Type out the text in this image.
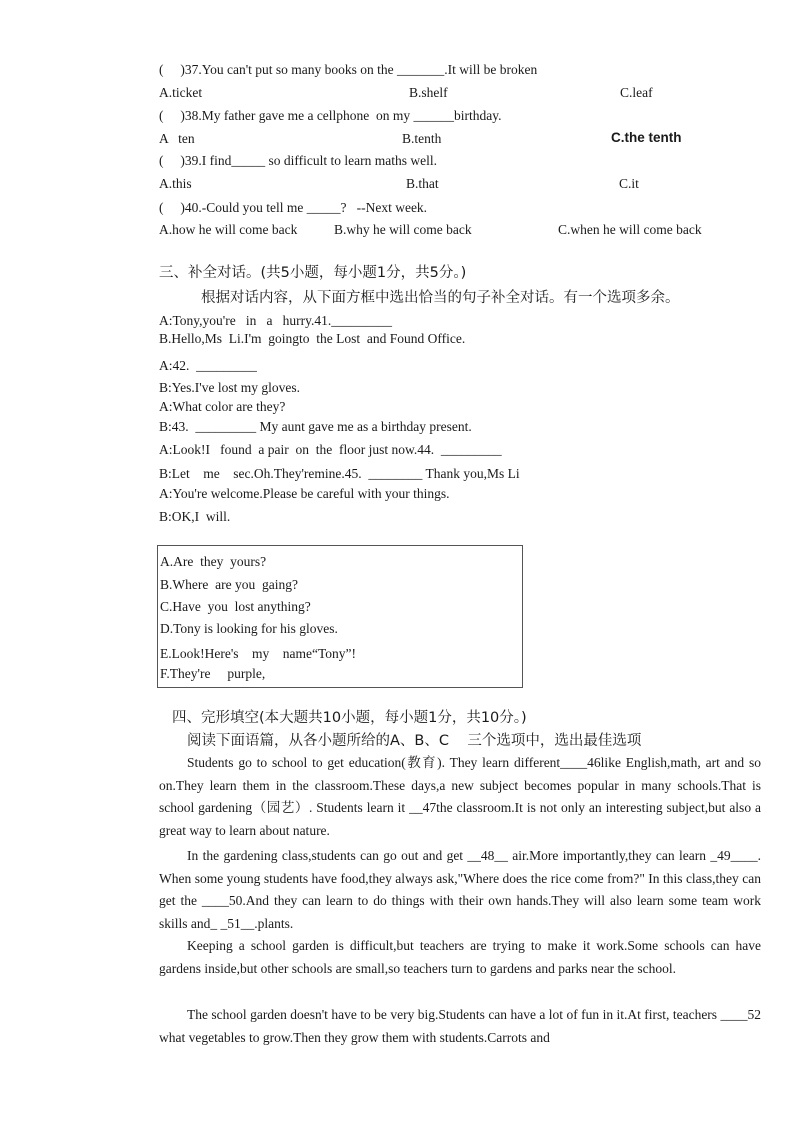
(     )37.You can't put so many books on the _______.It will be broken
A.ticket	B.shelf	C.leaf
(     )38.My father gave me a cellphone  on my ______birthday.
A   ten	B.tenth	C.the tenth
(     )39.I find_____ so difficult to learn maths well.
A.this	B.that	C.it
(     )40.-Could you tell me _____?   --Next week.
A.how he will come back	B.why he will come back	C.when he will come back
三、补全对话。(共5小题，每小题1分，共5分。)
根据对话内容，从下面方框中选出恰当的句子补全对话。有一个选项多余。
A:Tony,you're   in   a   hurry.41._________
B.Hello,Ms  Li.I'm  goingto  the Lost  and Found Office.
A:42.  _________
B:Yes.I've lost my gloves.
A:What color are they?
B:43.  _________ My aunt gave me as a birthday present.
A:Look!I   found  a pair  on  the  floor just now.44.  _________
B:Let    me    sec.Oh.They'remine.45.  ________ Thank you,Ms Li
A:You're welcome.Please be careful with your things.
B:OK,I  will.
A.Are  they  yours?
B.Where  are you  gaing?
C.Have  you  lost anything?
D.Tony is looking for his gloves.
E.Look!Here's    my    name“Tony”!
F.They're     purple,
四、完形填空(本大题共10小题，每小题1分，共10分。)
阅读下面语篇，从各小题所给的A、B、C    三个选项中，选出最佳选项
Students go to school to get education(教育). They learn different____46like English,math, art and so on.They learn them in the classroom.These days,a new subject becomes popular in many schools.That is school gardening（园艺）. Students learn it __47the classroom.It is not only an interesting subject,but also a great way to learn about nature.
In the gardening class,students can go out and get __48__ air.More importantly,they can learn _49____. When some young students have food,they always ask,"Where does the rice come from?" In this class,they can get the ____50.And they can learn to do things with their own hands.They will also learn some team work skills and_ _51__.plants.
Keeping a school garden is difficult,but teachers are trying to make it work.Some schools can have gardens inside,but other schools are small,so teachers turn to gardens and parks near the school.
The school garden doesn't have to be very big.Students can have a lot of fun in it.At first, teachers ____52 what vegetables to grow.Then they grow them with students.Carrots and
